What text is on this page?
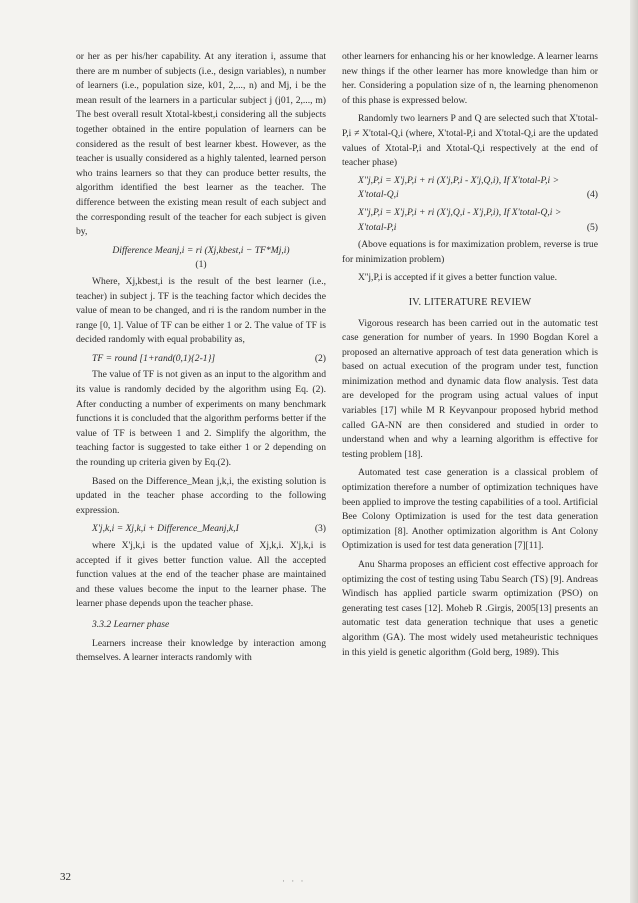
or her as per his/her capability. At any iteration i, assume that there are m number of subjects (i.e., design variables), n number of learners (i.e., population size, k01, 2,..., n) and Mj, i be the mean result of the learners in a particular subject j (j01, 2,..., m) The best overall result Xtotal-kbest,i considering all the subjects together obtained in the entire population of learners can be considered as the result of best learner kbest. However, as the teacher is usually considered as a highly talented, learned person who trains learners so that they can produce better results, the algorithm identified the best learner as the teacher. The difference between the existing mean result of each subject and the corresponding result of the teacher for each subject is given by,

Difference Meanj,i = ri (Xj,kbest,i − TF*Mj,i)
(1)

Where, Xj,kbest,i is the result of the best learner (i.e., teacher) in subject j. TF is the teaching factor which decides the value of mean to be changed, and ri is the random number in the range [0, 1]. Value of TF can be either 1 or 2. The value of TF is decided randomly with equal probability as,

TF = round [1+rand(0,1){2-1}]	(2)

The value of TF is not given as an input to the algorithm and its value is randomly decided by the algorithm using Eq. (2). After conducting a number of experiments on many benchmark functions it is concluded that the algorithm performs better if the value of TF is between 1 and 2. Simplify the algorithm, the teaching factor is suggested to take either 1 or 2 depending on the rounding up criteria given by Eq.(2).

Based on the Difference_Mean j,k,i, the existing solution is updated in the teacher phase according to the following expression.

X'j,k,i = Xj,k,i + Difference_Meanj,k,I	(3)

where X'j,k,i is the updated value of Xj,k,i. X'j,k,i is accepted if it gives better function value. All the accepted function values at the end of the teacher phase are maintained and these values become the input to the learner phase. The learner phase depends upon the teacher phase.

3.3.2 Learner phase

Learners increase their knowledge by interaction among themselves. A learner interacts randomly with

other learners for enhancing his or her knowledge. A learner learns new things if the other learner has more knowledge than him or her. Considering a population size of n, the learning phenomenon of this phase is expressed below.

Randomly two learners P and Q are selected such that X'total-P,i ≠ X'total-Q,i (where, X'total-P,i and X'total-Q,i are the updated values of Xtotal-P,i and Xtotal-Q,i respectively at the end of teacher phase)

X''j,P,i = X'j,P,i + ri (X'j,P,i - X'j,Q,i), If X'total-P,i >
X'total-Q,i	(4)
X''j,P,i = X'j,P,i + ri (X'j,Q,i - X'j,P,i), If X'total-Q,i >
X'total-P,i	(5)

(Above equations is for maximization problem, reverse is true for minimization problem)

X''j,P,i is accepted if it gives a better function value.

IV. LITERATURE REVIEW

Vigorous research has been carried out in the automatic test case generation for number of years. In 1990 Bogdan Korel a proposed an alternative approach of test data generation which is based on actual execution of the program under test, function minimization method and dynamic data flow analysis. Test data are developed for the program using actual values of input variables [17] while M R Keyvanpour proposed hybrid method called GA-NN are then considered and studied in order to understand when and why a learning algorithm is effective for testing problem [18].

Automated test case generation is a classical problem of optimization therefore a number of optimization techniques have been applied to improve the testing capabilities of a tool. Artificial Bee Colony Optimization is used for the test data generation optimization [8]. Another optimization algorithm is Ant Colony Optimization is used for test data generation [7][11].

Anu Sharma proposes an efficient cost effective approach for optimizing the cost of testing using Tabu Search (TS) [9]. Andreas Windisch has applied particle swarm optimization (PSO) on generating test cases [12]. Moheb R .Girgis, 2005[13] presents an automatic test data generation technique that uses a genetic algorithm (GA). The most widely used metaheuristic techniques in this yield is genetic algorithm (Gold berg, 1989). This

32	· · ·
